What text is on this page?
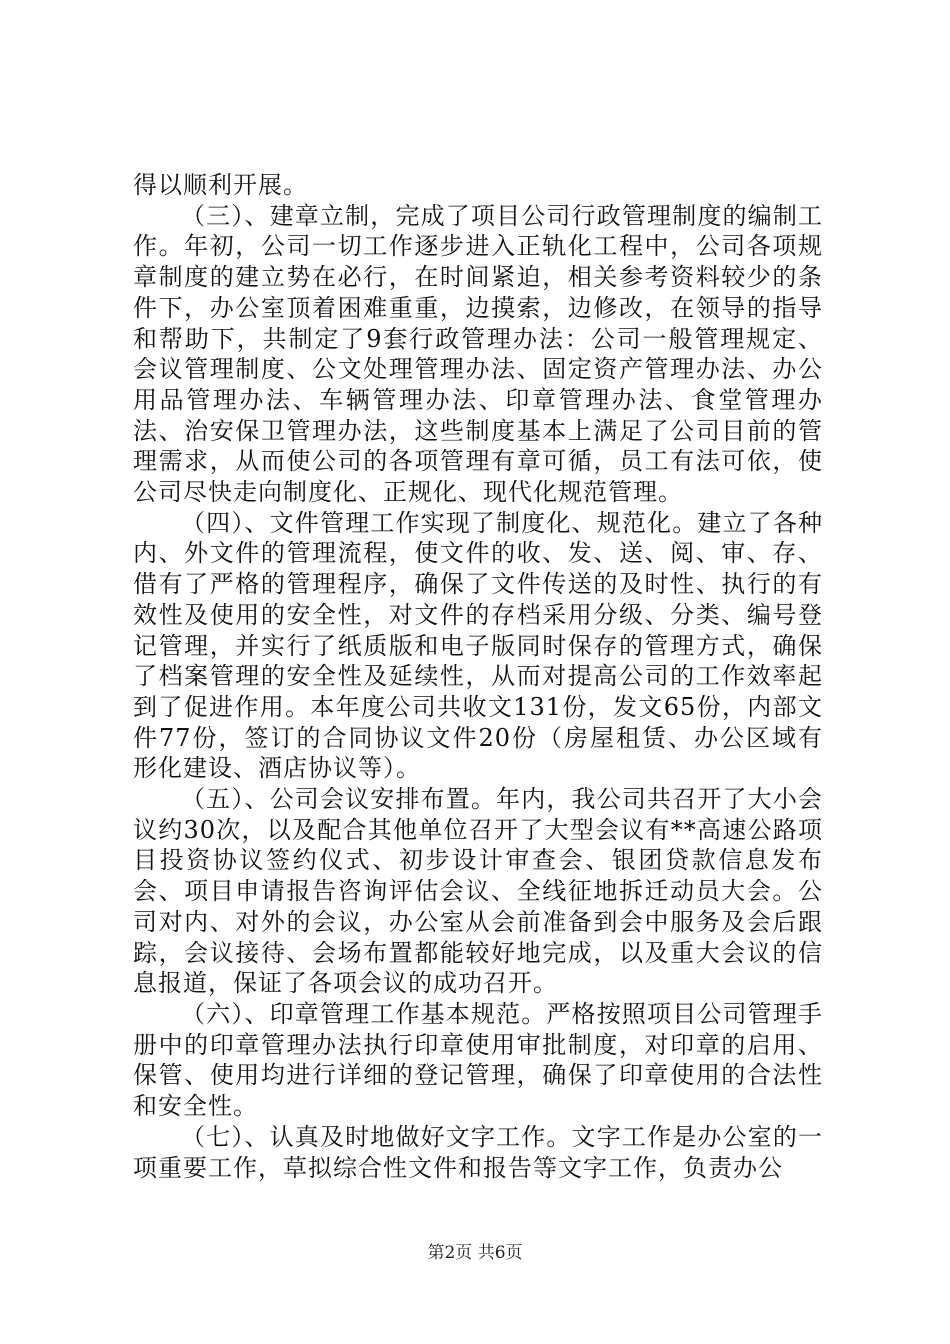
得以顺利开展。

（三）、建章立制，完成了项目公司行政管理制度的编制工作。年初，公司一切工作逐步进入正轨化工程中，公司各项规章制度的建立势在必行，在时间紧迫，相关参考资料较少的条件下，办公室顶着困难重重，边摸索，边修改，在领导的指导和帮助下，共制定了9套行政管理办法：公司一般管理规定、会议管理制度、公文处理管理办法、固定资产管理办法、办公用品管理办法、车辆管理办法、印章管理办法、食堂管理办法、治安保卫管理办法，这些制度基本上满足了公司目前的管理需求，从而使公司的各项管理有章可循，员工有法可依，使公司尽快走向制度化、正规化、现代化规范管理。

（四）、文件管理工作实现了制度化、规范化。建立了各种内、外文件的管理流程，使文件的收、发、送、阅、审、存、借有了严格的管理程序，确保了文件传送的及时性、执行的有效性及使用的安全性，对文件的存档采用分级、分类、编号登记管理，并实行了纸质版和电子版同时保存的管理方式，确保了档案管理的安全性及延续性，从而对提高公司的工作效率起到了促进作用。本年度公司共收文131份，发文65份，内部文件77份，签订的合同协议文件20份（房屋租赁、办公区域有形化建设、酒店协议等）。

（五）、公司会议安排布置。年内，我公司共召开了大小会议约30次，以及配合其他单位召开了大型会议有**高速公路项目投资协议签约仪式、初步设计审查会、银团贷款信息发布会、项目申请报告咨询评估会议、全线征地拆迁动员大会。公司对内、对外的会议，办公室从会前准备到会中服务及会后跟踪，会议接待、会场布置都能较好地完成，以及重大会议的信息报道，保证了各项会议的成功召开。

（六）、印章管理工作基本规范。严格按照项目公司管理手册中的印章管理办法执行印章使用审批制度，对印章的启用、保管、使用均进行详细的登记管理，确保了印章使用的合法性和安全性。

（七）、认真及时地做好文字工作。文字工作是办公室的一项重要工作，草拟综合性文件和报告等文字工作，负责办公

第2页 共6页
